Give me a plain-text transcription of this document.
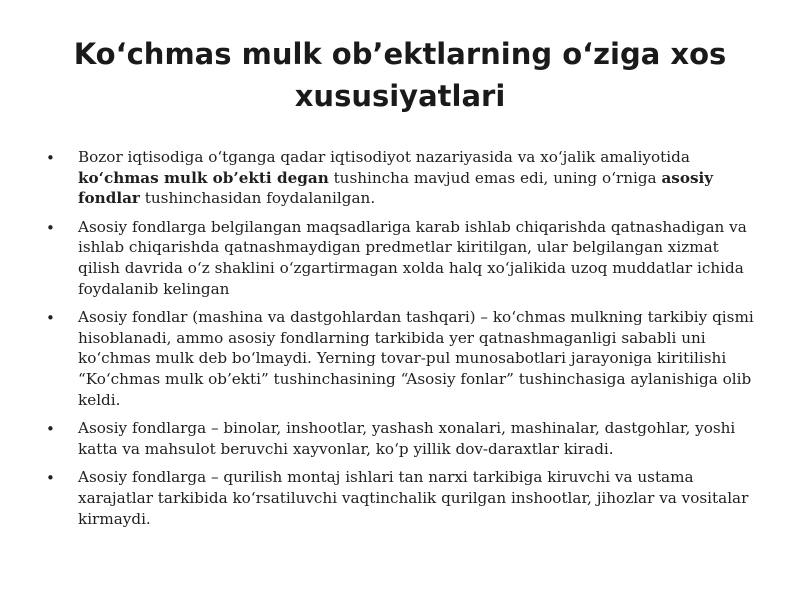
Ko‘chmas mulk ob’ektlarning o‘ziga xos xususiyatlari
• Bozor iqtisodiga o‘tganga qadar iqtisodiyot nazariyasida va xo‘jalik amaliyotida ko‘chmas mulk ob’ekti degan tushincha mavjud emas edi, uning o‘rniga asosiy fondlar tushinchasidan foydalanilgan.
• Asosiy fondlarga belgilangan maqsadlariga karab ishlab chiqarishda qatnashadigan va ishlab chiqarishda qatnashmaydigan predmetlar kiritilgan, ular belgilangan xizmat qilish davrida o‘z shaklini o‘zgartirmagan xolda halq xo‘jalikida uzoq muddatlar ichida foydalanib kelingan
• Asosiy fondlar (mashina va dastgohlardan tashqari) – ko‘chmas mulkning tarkibiy qismi hisoblanadi, ammo asosiy fondlarning tarkibida yer qatnashmaganligi sababli uni ko‘chmas mulk deb bo‘lmaydi. Yerning tovar-pul munosabotlari jarayoniga kiritilishi “Ko‘chmas mulk ob’ekti” tushinchasining “Asosiy fonlar” tushinchasiga aylanishiga olib keldi.
• Asosiy fondlarga – binolar, inshootlar, yashash xonalari, mashinalar, dastgohlar, yoshi katta va mahsulot beruvchi xayvonlar, ko‘p yillik dov-daraxtlar kiradi.
• Asosiy fondlarga – qurilish montaj ishlari tan narxi tarkibiga kiruvchi va ustama xarajatlar tarkibida ko‘rsatiluvchi vaqtinchalik qurilgan inshootlar, jihozlar va vositalar kirmaydi.
